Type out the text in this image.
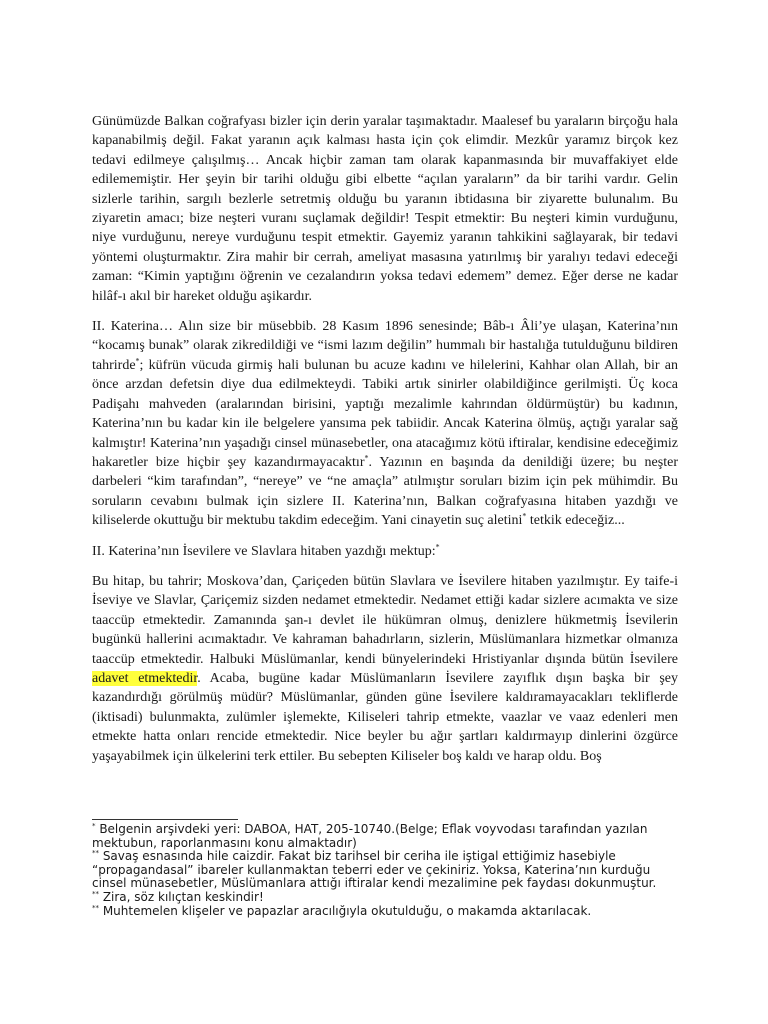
Günümüzde Balkan coğrafyası bizler için derin yaralar taşımaktadır. Maalesef bu yaraların birçoğu hala kapanabilmiş değil. Fakat yaranın açık kalması hasta için çok elimdir. Mezkûr yaramız birçok kez tedavi edilmeye çalışılmış… Ancak hiçbir zaman tam olarak kapanmasında bir muvaffakiyet elde edilememiştir. Her şeyin bir tarihi olduğu gibi elbette “açılan yaraların” da bir tarihi vardır. Gelin sizlerle tarihin, sargılı bezlerle setretmiş olduğu bu yaranın ibtidasına bir ziyarette bulunalım. Bu ziyaretin amacı; bize neşteri vuranı suçlamak değildir! Tespit etmektir: Bu neşteri kimin vurduğunu, niye vurduğunu, nereye vurduğunu tespit etmektir. Gayemiz yaranın tahkikini sağlayarak, bir tedavi yöntemi oluşturmaktır. Zira mahir bir cerrah, ameliyat masasına yatırılmış bir yaralıyı tedavi edeceği zaman: “Kimin yaptığını öğrenin ve cezalandırın yoksa tedavi edemem” demez. Eğer derse ne kadar hilâf-ı akıl bir hareket olduğu aşikardır.

II. Katerina… Alın size bir müsebbib. 28 Kasım 1896 senesinde; Bâb-ı Âli’ye ulaşan, Katerina’nın “kocamış bunak” olarak zikredildiği ve “ismi lazım değilin” hummalı bir hastalığa tutulduğunu bildiren tahrirde*; küfrün vücuda girmiş hali bulunan bu acuze kadını ve hilelerini, Kahhar olan Allah, bir an önce arzdan defetsin diye dua edilmekteydi. Tabiki artık sinirler olabildiğince gerilmişti. Üç koca Padişahı mahveden (aralarından birisini, yaptığı mezalimle kahrından öldürmüştür) bu kadının, Katerina’nın bu kadar kin ile belgelere yansıma pek tabiidir. Ancak Katerina ölmüş, açtığı yaralar sağ kalmıştır! Katerina’nın yaşadığı cinsel münasebetler, ona atacağımız kötü iftiralar, kendisine edeceğimiz hakaretler bize hiçbir şey kazandırmayacaktır*. Yazının en başında da denildiği üzere; bu neşter darbeleri “kim tarafından”, “nereye” ve “ne amaçla” atılmıştır soruları bizim için pek mühimdir. Bu soruların cevabını bulmak için sizlere II. Katerina’nın, Balkan coğrafyasına hitaben yazdığı ve kiliselerde okuttuğu bir mektubu takdim edeceğim. Yani cinayetin suç aletini* tetkik edeceğiz...

II. Katerina’nın İsevilere ve Slavlara hitaben yazdığı mektup:*

Bu hitap, bu tahrir; Moskova’dan, Çariçeden bütün Slavlara ve İsevilere hitaben yazılmıştır. Ey taife-i İseviye ve Slavlar, Çariçemiz sizden nedamet etmektedir. Nedamet ettiği kadar sizlere acımakta ve size taaccüp etmektedir. Zamanında şan-ı devlet ile hükümran olmuş, denizlere hükmetmiş İsevilerin bugünkü hallerini acımaktadır. Ve kahraman bahadırların, sizlerin, Müslümanlara hizmetkar olmanıza taaccüp etmektedir. Halbuki Müslümanlar, kendi bünyelerindeki Hristiyanlar dışında bütün İsevilere adavet etmektedir. Acaba, bugüne kadar Müslümanların İsevilere zayıflık dışın başka bir şey kazandırdığı görülmüş müdür? Müslümanlar, günden güne İsevilere kaldıramayacakları tekliflerde (iktisadi) bulunmakta, zulümler işlemekte, Kiliseleri tahrip etmekte, vaazlar ve vaaz edenleri men etmekte hatta onları rencide etmektedir. Nice beyler bu ağır şartları kaldırmayıp dinlerini özgürce yaşayabilmek için ülkelerini terk ettiler. Bu sebepten Kiliseler boş kaldı ve harap oldu. Boş

* Belgenin arşivdeki yeri: DABOA, HAT, 205-10740.(Belge; Eflak voyvodası tarafından yazılan mektubun, raporlanmasını konu almaktadır)

** Savaş esnasında hile caizdir. Fakat biz tarihsel bir ceriha ile iştigal ettiğimiz hasebiyle “propagandasal” ibareler kullanmaktan teberri eder ve çekiniriz. Yoksa, Katerina’nın kurduğu cinsel münasebetler, Müslümanlara attığı iftiralar kendi mezalimine pek faydası dokunmuştur.

** Zira, söz kılıçtan keskindir!

** Muhtemelen klişeler ve papazlar aracılığıyla okutulduğu, o makamda aktarılacak.
